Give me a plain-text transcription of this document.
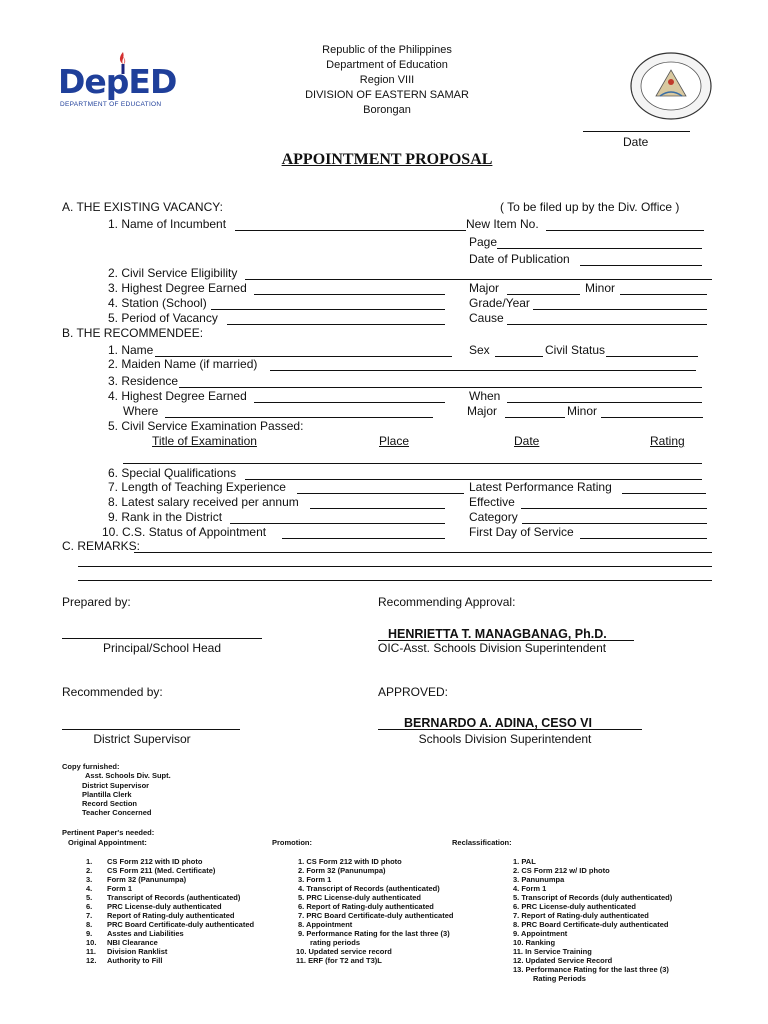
DepED
DEPARTMENT OF EDUCATION
Republic of the Philippines
Department of Education
Region VIII
DIVISION OF EASTERN SAMAR
Borongan
Date
APPOINTMENT PROPOSAL
A. THE EXISTING VACANCY:	( To be filed up by the Div. Office )
1. Name of Incumbent	New Item No.
Page
Date of Publication
2. Civil Service Eligibility
3. Highest Degree Earned	Major	Minor
4. Station (School)	Grade/Year
5. Period of Vacancy	Cause
B. THE RECOMMENDEE:
1. Name	Sex	Civil Status
2. Maiden Name (if married)
3. Residence
4. Highest Degree Earned	When
Where	Major	Minor
5. Civil Service Examination Passed:
Title of Examination	Place	Date	Rating
6. Special Qualifications
7. Length of Teaching Experience	Latest Performance Rating
8. Latest salary received per annum	Effective
9. Rank in the District	Category
10. C.S. Status of Appointment	First Day of Service
C. REMARKS:
Prepared by:
Principal/School Head
Recommending Approval:
HENRIETTA T. MANAGBANAG, Ph.D.
OIC-Asst. Schools Division Superintendent
Recommended by:
District Supervisor
APPROVED:
BERNARDO A. ADINA, CESO VI
Schools Division Superintendent
Copy furnished:
Asst. Schools Div. Supt.
District Supervisor
Plantilla Clerk
Record Section
Teacher Concerned
Pertinent Paper's needed:
Original Appointment:	Promotion:	Reclassification:
1. CS Form 212 with ID photo
2. CS Form 211 (Med. Certificate)
3. Form 32 (Panunumpa)
4. Form 1
5. Transcript of Records (authenticated)
6. PRC License-duly authenticated
7. Report of Rating-duly authenticated
8. PRC Board Certificate-duly authenticated
9. Asstes and Liabilities
10. NBI Clearance
11. Division Ranklist
12. Authority to Fill
1. CS Form 212 with ID photo
2. Form 32 (Panunumpa)
3. Form 1
4. Transcript of Records (authenticated)
5. PRC License-duly authenticated
6. Report of Rating-duly authenticated
7. PRC Board Certificate-duly authenticated
8. Appointment
9. Performance Rating for the last three (3)
rating periods
10. Updated service record
11. ERF (for T2 and T3)L
1. PAL
2. CS Form 212 w/ ID photo
3. Panunumpa
4. Form 1
5. Transcript of Records (duly authenticated)
6. PRC License-duly authenticated
7. Report of Rating-duly authenticated
8. PRC Board Certificate-duly authenticated
9. Appointment
10. Ranking
11. In Service Training
12. Updated Service Record
13. Performance Rating for the last three (3)
Rating Periods
